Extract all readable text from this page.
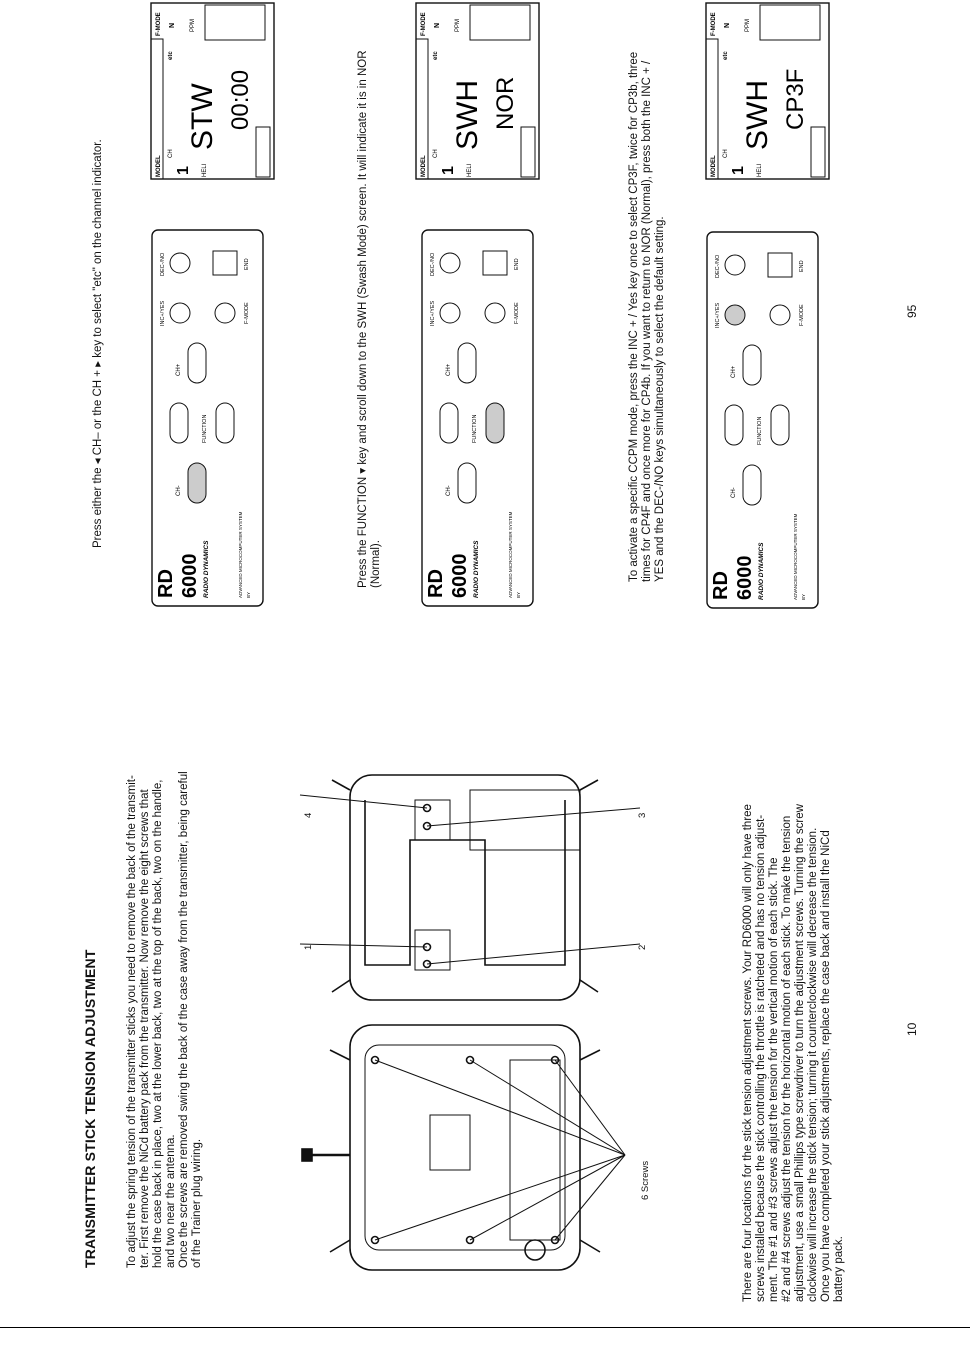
TRANSMITTER STICK TENSION ADJUSTMENT To adjust the spring tension of the transmitter sticks you need to remove the back of the transmit- ter. First remove the NiCd battery pack from the transmitter. Now remove the eight screws that hold the case back in place, two at the lower back, two at the top of the back, two on the handle, and two near the antenna. Once the screws are removed swing the back of the case away from the transmitter, being careful of the Trainer plug wiring.
4
1
3
2
6 Screws	There are four locations for the stick tension adjustment screws. Your RD6000 will only have three screws installed because the stick controlling the throttle is ratcheted and has no tension adjust- ment. The #1 and #3 screws adjust the tension for the vertical motion of each stick. The #2 and #4 screws adjust the tension for the horizontal motion of each stick. To make the tension adjustment, use a small Phillips type screwdriver to turn the adjustment screws. Turning the screw clockwise will increase the stick tension; turning it counterclockwise will decrease the tension. Once you have completed your stick adjustments, replace the case back and install the NiCd battery pack.
10
Press either the ◂ CH– or the CH + ▸ key to select "etc" on the channel indicator.	Press the FUNCTION ▾ key and scroll down to the SWH (Swash Mode) screen. It will indicate it is in NOR (Normal).	To activate a specific CCPM mode, press the INC + / Yes key once to select CP3F, twice for CP3b, three times for CP4F and once more for CP4b. If you want to return to NOR (Normal), press both the INC + / YES and the DEC-/NO keys simultaneously to select the default setting.
RD 6000 RADIO DYNAMICS	ADVANCED MICROCOMPUTER SYSTEM BY
CH-
FUNCTION
CH+
INC+/YES	F-MODE
DEC-/NO	END
RD 6000 RADIO DYNAMICS	ADVANCED MICROCOMPUTER SYSTEM BY
CH-
FUNCTION
CH+
INC+/YES	F-MODE
DEC-/NO	END
RD 6000 RADIO DYNAMICS	ADVANCED MICROCOMPUTER SYSTEM BY
CH-
FUNCTION
CH+
INC+/YES	F-MODE
DEC-/NO	END
MODEL
F-MODE
1 HELI
CH
etc
N PPM
STW 00:00
MODEL
F-MODE
1 HELI
CH
etc
N PPM
SWH NOR
MODEL
F-MODE
1 HELI
CH
etc
N PPM
SWH CP3F
95
